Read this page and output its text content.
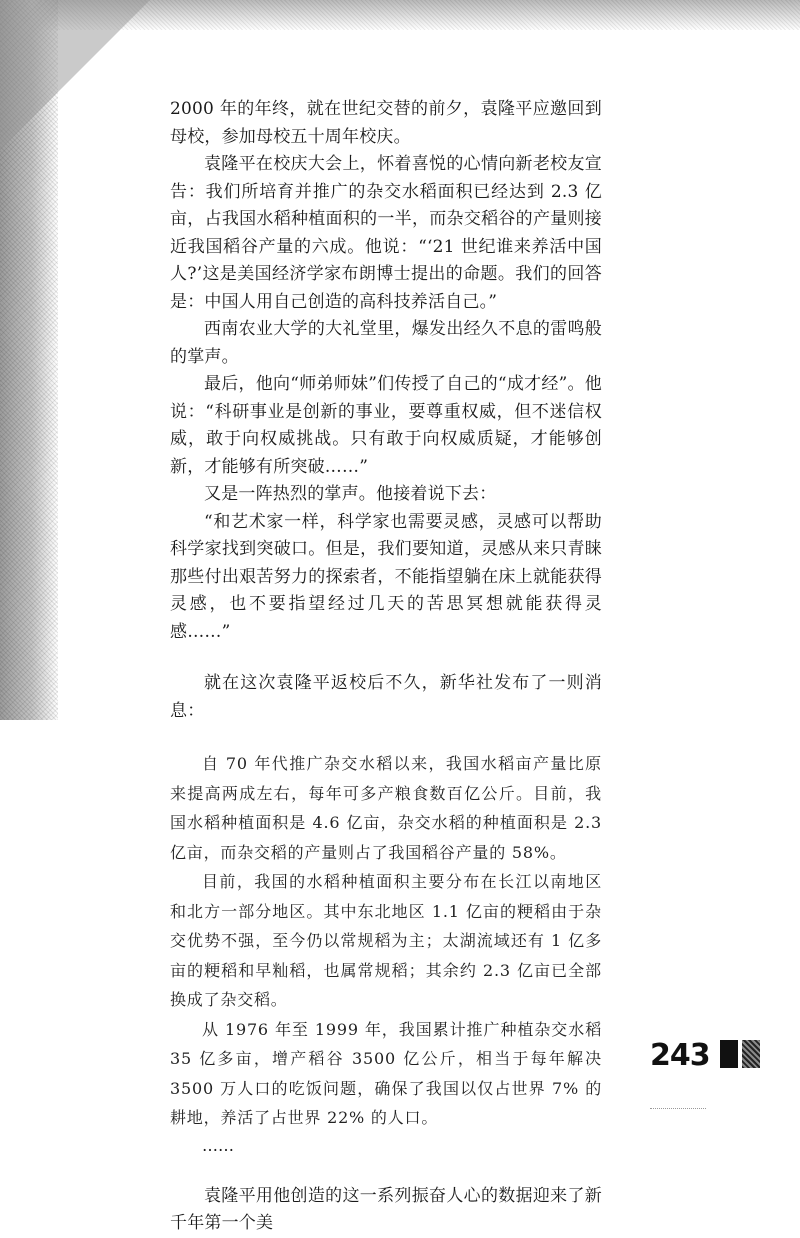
2000 年的年终，就在世纪交替的前夕，袁隆平应邀回到母校，参加母校五十周年校庆。

袁隆平在校庆大会上，怀着喜悦的心情向新老校友宣告：我们所培育并推广的杂交水稻面积已经达到 2.3 亿亩，占我国水稻种植面积的一半，而杂交稻谷的产量则接近我国稻谷产量的六成。他说：“‘21 世纪谁来养活中国人?’这是美国经济学家布朗博士提出的命题。我们的回答是：中国人用自己创造的高科技养活自己。”

西南农业大学的大礼堂里，爆发出经久不息的雷鸣般的掌声。

最后，他向“师弟师妹”们传授了自己的“成才经”。他说：“科研事业是创新的事业，要尊重权威，但不迷信权威，敢于向权威挑战。只有敢于向权威质疑，才能够创新，才能够有所突破……”

又是一阵热烈的掌声。他接着说下去：

“和艺术家一样，科学家也需要灵感，灵感可以帮助科学家找到突破口。但是，我们要知道，灵感从来只青睐那些付出艰苦努力的探索者，不能指望躺在床上就能获得灵感，也不要指望经过几天的苦思冥想就能获得灵感……”

就在这次袁隆平返校后不久，新华社发布了一则消息：

自 70 年代推广杂交水稻以来，我国水稻亩产量比原来提高两成左右，每年可多产粮食数百亿公斤。目前，我国水稻种植面积是 4.6 亿亩，杂交水稻的种植面积是 2.3 亿亩，而杂交稻的产量则占了我国稻谷产量的 58%。

目前，我国的水稻种植面积主要分布在长江以南地区和北方一部分地区。其中东北地区 1.1 亿亩的粳稻由于杂交优势不强，至今仍以常规稻为主；太湖流域还有 1 亿多亩的粳稻和早籼稻，也属常规稻；其余约 2.3 亿亩已全部换成了杂交稻。

从 1976 年至 1999 年，我国累计推广种植杂交水稻 35 亿多亩，增产稻谷 3500 亿公斤，相当于每年解决 3500 万人口的吃饭问题，确保了我国以仅占世界 7% 的耕地，养活了占世界 22% 的人口。

……

袁隆平用他创造的这一系列振奋人心的数据迎来了新千年第一个美

243
